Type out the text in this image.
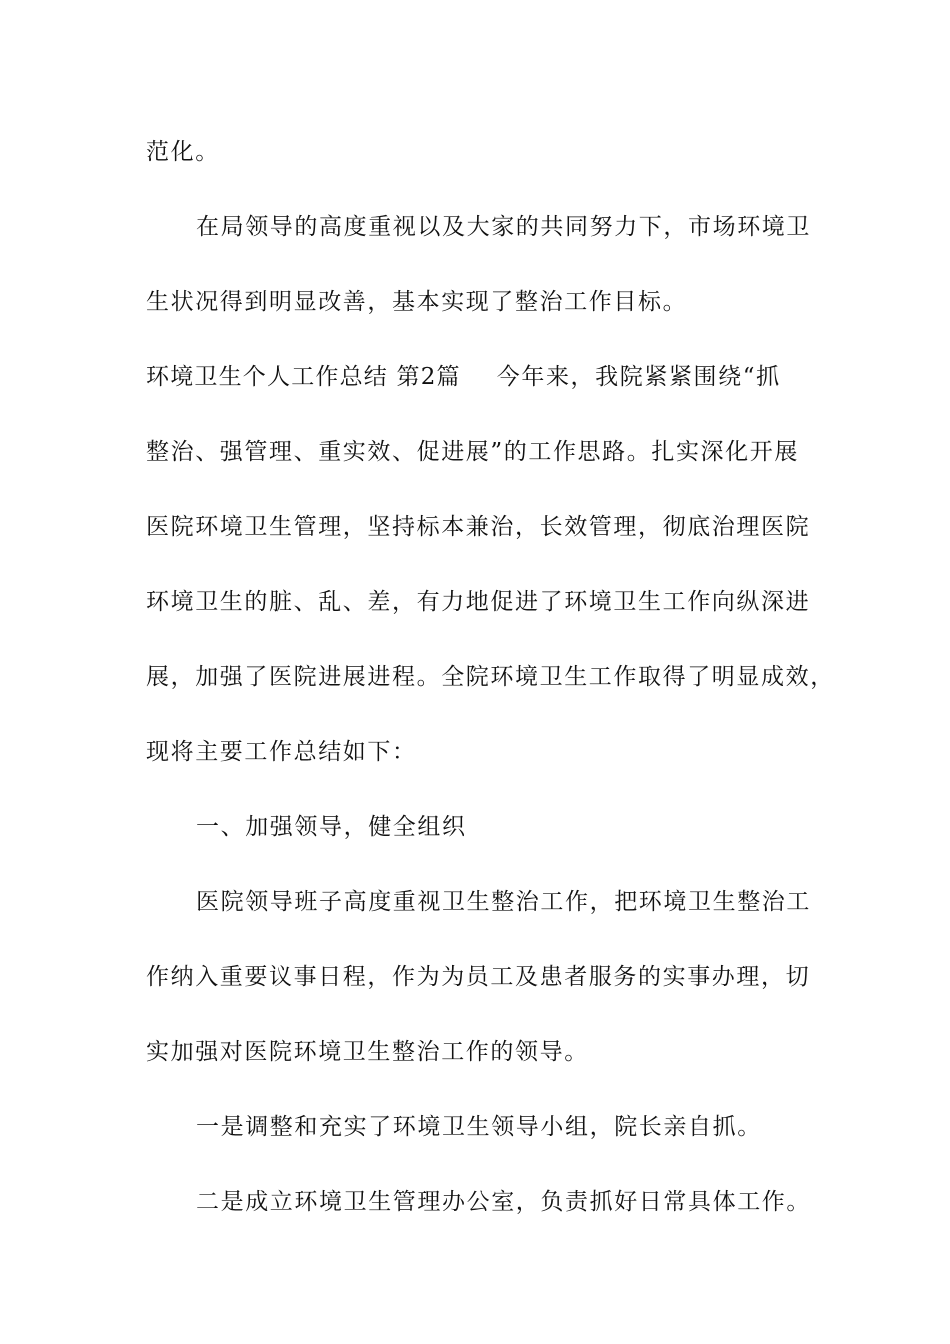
范化。
在局领导的高度重视以及大家的共同努力下，市场环境卫
生状况得到明显改善，基本实现了整治工作目标。
环境卫生个人工作总结 第2篇 今年来，我院紧紧围绕“抓
整治、强管理、重实效、促进展”的工作思路。扎实深化开展
医院环境卫生管理，坚持标本兼治，长效管理，彻底治理医院
环境卫生的脏、乱、差，有力地促进了环境卫生工作向纵深进
展，加强了医院进展进程。全院环境卫生工作取得了明显成效，
现将主要工作总结如下：
一、加强领导，健全组织
医院领导班子高度重视卫生整治工作，把环境卫生整治工
作纳入重要议事日程，作为为员工及患者服务的实事办理，切
实加强对医院环境卫生整治工作的领导。
一是调整和充实了环境卫生领导小组，院长亲自抓。
二是成立环境卫生管理办公室，负责抓好日常具体工作。
